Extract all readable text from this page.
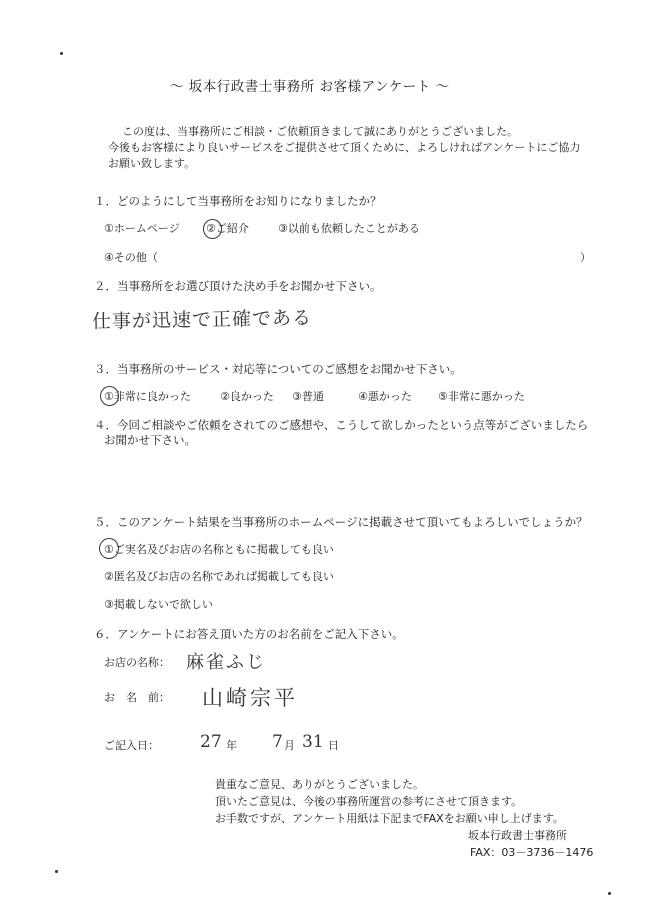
～ 坂本行政書士事務所 お客様アンケート ～
この度は、当事務所にご相談・ご依頼頂きまして誠にありがとうございました。
今後もお客様により良いサービスをご提供させて頂くために、よろしければアンケートにご協力
お願い致します。
１．どのようにして当事務所をお知りになりましたか？
①ホームページ ②ご紹介	③以前も依頼したことがある
④その他（	）
２．当事務所をお選び頂けた決め手をお聞かせ下さい。
仕事が迅速で正確である
３．当事務所のサービス・対応等についてのご感想をお聞かせ下さい。
①非常に良かった	②良かった ③普通	④悪かった ⑤非常に悪かった
４．今回ご相談やご依頼をされてのご感想や、こうして欲しかったという点等がございましたら
お聞かせ下さい。
５．このアンケート結果を当事務所のホームページに掲載させて頂いてもよろしいでしょうか？
①ご実名及びお店の名称ともに掲載しても良い
②匿名及びお店の名称であれば掲載しても良い
③掲載しないで欲しい
６．アンケートにお答え頂いた方のお名前をご記入下さい。
お店の名称： 麻雀ふじ
お　名　前： 山崎宗平
ご記入日： 27 年 7 月 31 日
貴重なご意見、ありがとうございました。
頂いたご意見は、今後の事務所運営の参考にさせて頂きます。
お手数ですが、アンケート用紙は下記までFAXをお願い申し上げます。
坂本行政書士事務所
FAX：03－3736－1476
